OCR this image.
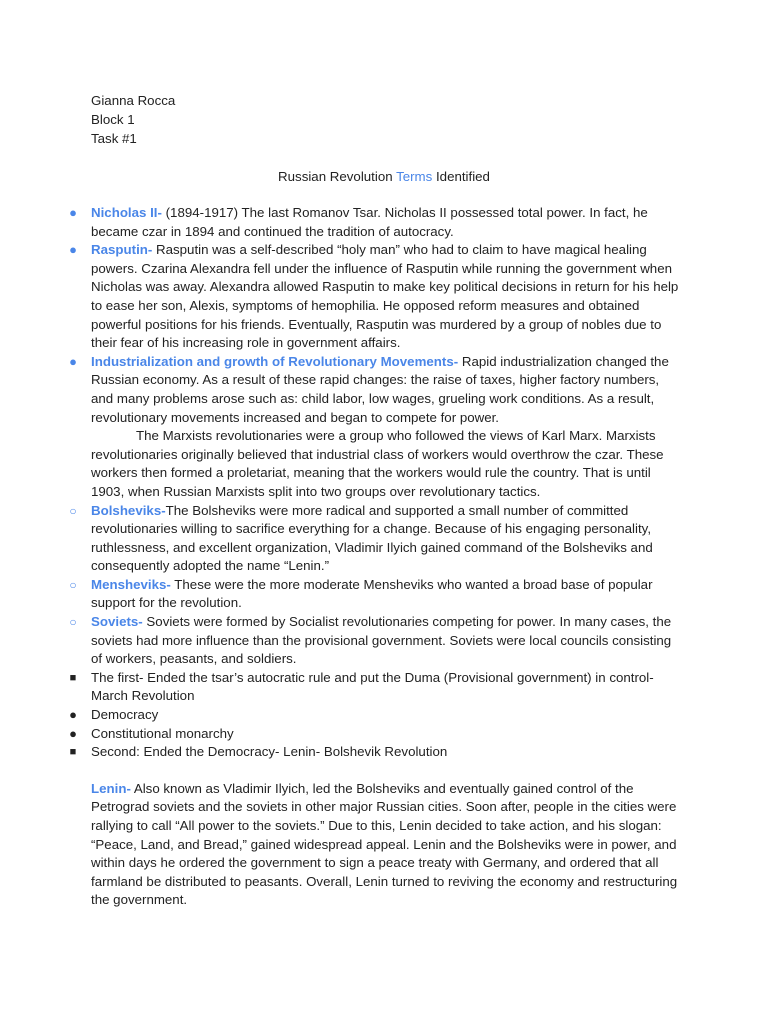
Gianna Rocca
Block 1
Task #1
Russian Revolution Terms Identified
● Nicholas II- (1894-1917) The last Romanov Tsar. Nicholas II possessed total power. In fact, he became czar in 1894 and continued the tradition of autocracy.
● Rasputin- Rasputin was a self-described “holy man” who had to claim to have magical healing powers. Czarina Alexandra fell under the influence of Rasputin while running the government when Nicholas was away. Alexandra allowed Rasputin to make key political decisions in return for his help to ease her son, Alexis, symptoms of hemophilia. He opposed reform measures and obtained powerful positions for his friends. Eventually, Rasputin was murdered by a group of nobles due to their fear of his increasing role in government affairs.
● Industrialization and growth of Revolutionary Movements- Rapid industrialization changed the Russian economy. As a result of these rapid changes: the raise of taxes, higher factory numbers, and many problems arose such as: child labor, low wages, grueling work conditions. As a result, revolutionary movements increased and began to compete for power.
The Marxists revolutionaries were a group who followed the views of Karl Marx. Marxists revolutionaries originally believed that industrial class of workers would overthrow the czar. These workers then formed a proletariat, meaning that the workers would rule the country. That is until 1903, when Russian Marxists split into two groups over revolutionary tactics.
○ Bolsheviks-The Bolsheviks were more radical and supported a small number of committed revolutionaries willing to sacrifice everything for a change. Because of his engaging personality, ruthlessness, and excellent organization, Vladimir Ilyich gained command of the Bolsheviks and consequently adopted the name “Lenin.”
○ Mensheviks- These were the more moderate Mensheviks who wanted a broad base of popular support for the revolution.
○ Soviets- Soviets were formed by Socialist revolutionaries competing for power. In many cases, the soviets had more influence than the provisional government. Soviets were local councils consisting of workers, peasants, and soldiers.
■ The first- Ended the tsar’s autocratic rule and put the Duma (Provisional government) in control- March Revolution
● Democracy
● Constitutional monarchy
■ Second: Ended the Democracy- Lenin- Bolshevik Revolution
Lenin- Also known as Vladimir Ilyich, led the Bolsheviks and eventually gained control of the Petrograd soviets and the soviets in other major Russian cities. Soon after, people in the cities were rallying to call “All power to the soviets.” Due to this, Lenin decided to take action, and his slogan: “Peace, Land, and Bread,” gained widespread appeal. Lenin and the Bolsheviks were in power, and within days he ordered the government to sign a peace treaty with Germany, and ordered that all farmland be distributed to peasants. Overall, Lenin turned to reviving the economy and restructuring the government.
